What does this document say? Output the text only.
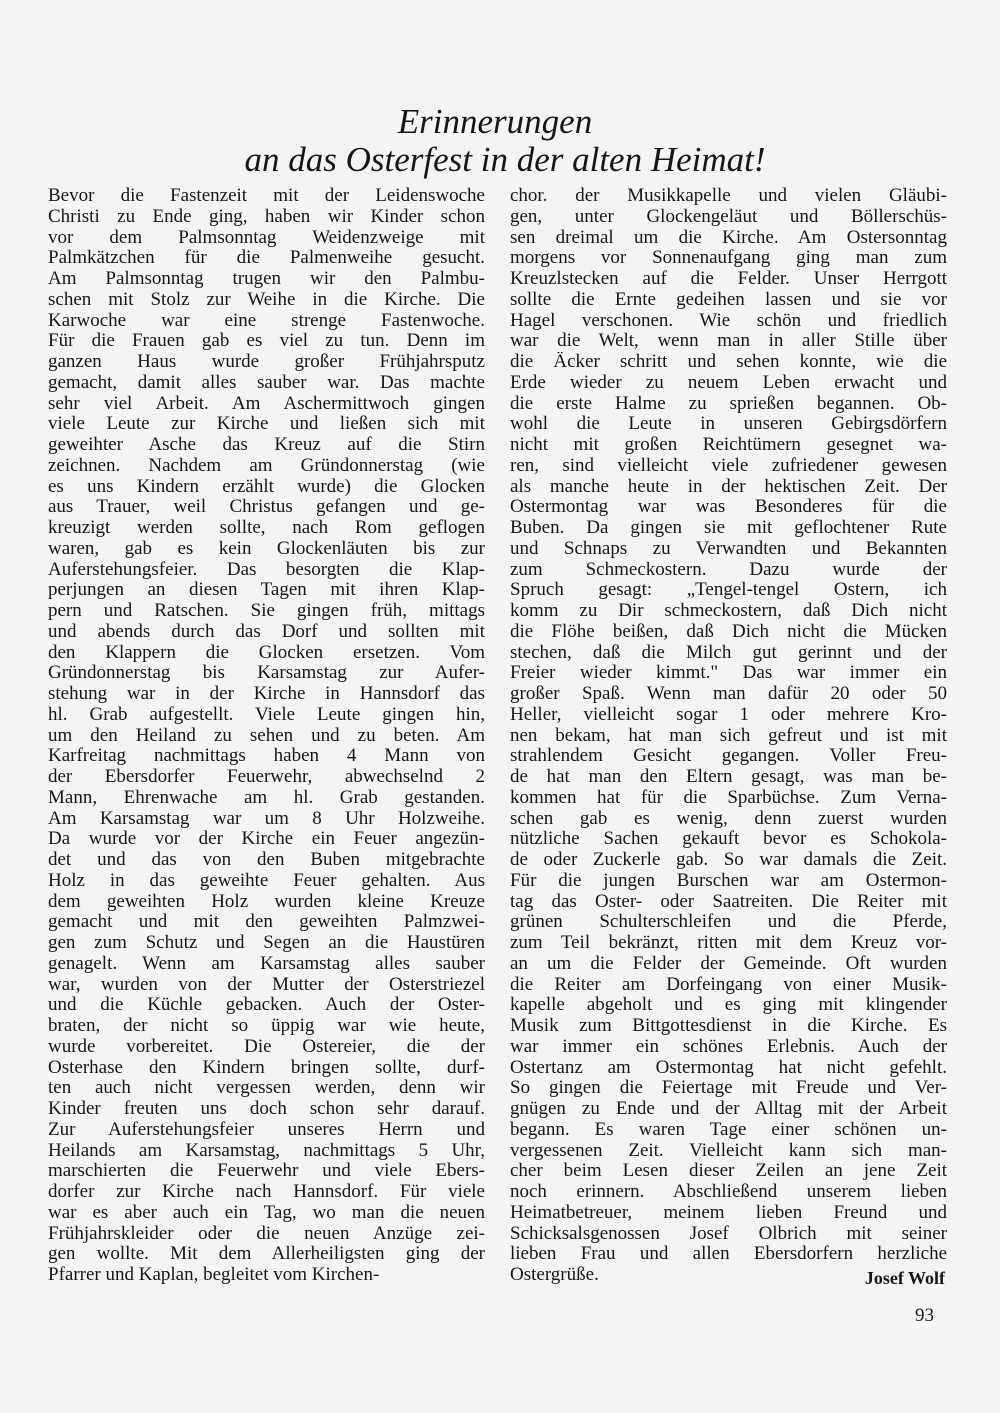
Erinnerungen
an das Osterfest in der alten Heimat!
Bevor die Fastenzeit mit der Leidenswoche
Christi zu Ende ging, haben wir Kinder schon
vor dem Palmsonntag Weidenzweige mit
Palmkätzchen für die Palmenweihe gesucht.
Am Palmsonntag trugen wir den Palmbu-
schen mit Stolz zur Weihe in die Kirche. Die
Karwoche war eine strenge Fastenwoche.
Für die Frauen gab es viel zu tun. Denn im
ganzen Haus wurde großer Frühjahrsputz
gemacht, damit alles sauber war. Das machte
sehr viel Arbeit. Am Aschermittwoch gingen
viele Leute zur Kirche und ließen sich mit
geweihter Asche das Kreuz auf die Stirn
zeichnen. Nachdem am Gründonnerstag (wie
es uns Kindern erzählt wurde) die Glocken
aus Trauer, weil Christus gefangen und ge-
kreuzigt werden sollte, nach Rom geflogen
waren, gab es kein Glockenläuten bis zur
Auferstehungsfeier. Das besorgten die Klap-
perjungen an diesen Tagen mit ihren Klap-
pern und Ratschen. Sie gingen früh, mittags
und abends durch das Dorf und sollten mit
den Klappern die Glocken ersetzen. Vom
Gründonnerstag bis Karsamstag zur Aufer-
stehung war in der Kirche in Hannsdorf das
hl. Grab aufgestellt. Viele Leute gingen hin,
um den Heiland zu sehen und zu beten. Am
Karfreitag nachmittags haben 4 Mann von
der Ebersdorfer Feuerwehr, abwechselnd 2
Mann, Ehrenwache am hl. Grab gestanden.
Am Karsamstag war um 8 Uhr Holzweihe.
Da wurde vor der Kirche ein Feuer angezün-
det und das von den Buben mitgebrachte
Holz in das geweihte Feuer gehalten. Aus
dem geweihten Holz wurden kleine Kreuze
gemacht und mit den geweihten Palmzwei-
gen zum Schutz und Segen an die Haustüren
genagelt. Wenn am Karsamstag alles sauber
war, wurden von der Mutter der Osterstriezel
und die Küchle gebacken. Auch der Oster-
braten, der nicht so üppig war wie heute,
wurde vorbereitet. Die Ostereier, die der
Osterhase den Kindern bringen sollte, durf-
ten auch nicht vergessen werden, denn wir
Kinder freuten uns doch schon sehr darauf.
Zur Auferstehungsfeier unseres Herrn und
Heilands am Karsamstag, nachmittags 5 Uhr,
marschierten die Feuerwehr und viele Ebers-
dorfer zur Kirche nach Hannsdorf. Für viele
war es aber auch ein Tag, wo man die neuen
Frühjahrskleider oder die neuen Anzüge zei-
gen wollte. Mit dem Allerheiligsten ging der
Pfarrer und Kaplan, begleitet vom Kirchen-
chor. der Musikkapelle und vielen Gläubi-
gen, unter Glockengeläut und Böllerschüs-
sen dreimal um die Kirche. Am Ostersonntag
morgens vor Sonnenaufgang ging man zum
Kreuzlstecken auf die Felder. Unser Herrgott
sollte die Ernte gedeihen lassen und sie vor
Hagel verschonen. Wie schön und friedlich
war die Welt, wenn man in aller Stille über
die Äcker schritt und sehen konnte, wie die
Erde wieder zu neuem Leben erwacht und
die erste Halme zu sprießen begannen. Ob-
wohl die Leute in unseren Gebirgsdörfern
nicht mit großen Reichtümern gesegnet wa-
ren, sind vielleicht viele zufriedener gewesen
als manche heute in der hektischen Zeit. Der
Ostermontag war was Besonderes für die
Buben. Da gingen sie mit geflochtener Rute
und Schnaps zu Verwandten und Bekannten
zum Schmeckostern. Dazu wurde der
Spruch gesagt: „Tengel-tengel Ostern, ich
komm zu Dir schmeckostern, daß Dich nicht
die Flöhe beißen, daß Dich nicht die Mücken
stechen, daß die Milch gut gerinnt und der
Freier wieder kimmt." Das war immer ein
großer Spaß. Wenn man dafür 20 oder 50
Heller, vielleicht sogar 1 oder mehrere Kro-
nen bekam, hat man sich gefreut und ist mit
strahlendem Gesicht gegangen. Voller Freu-
de hat man den Eltern gesagt, was man be-
kommen hat für die Sparbüchse. Zum Verna-
schen gab es wenig, denn zuerst wurden
nützliche Sachen gekauft bevor es Schokola-
de oder Zuckerle gab. So war damals die Zeit.
Für die jungen Burschen war am Ostermon-
tag das Oster- oder Saatreiten. Die Reiter mit
grünen Schulterschleifen und die Pferde,
zum Teil bekränzt, ritten mit dem Kreuz vor-
an um die Felder der Gemeinde. Oft wurden
die Reiter am Dorfeingang von einer Musik-
kapelle abgeholt und es ging mit klingender
Musik zum Bittgottesdienst in die Kirche. Es
war immer ein schönes Erlebnis. Auch der
Ostertanz am Ostermontag hat nicht gefehlt.
So gingen die Feiertage mit Freude und Ver-
gnügen zu Ende und der Alltag mit der Arbeit
begann. Es waren Tage einer schönen un-
vergessenen Zeit. Vielleicht kann sich man-
cher beim Lesen dieser Zeilen an jene Zeit
noch erinnern. Abschließend unserem lieben
Heimatbetreuer, meinem lieben Freund und
Schicksalsgenossen Josef Olbrich mit seiner
lieben Frau und allen Ebersdorfern herzliche
Ostergrüße.	Josef Wolf
93
